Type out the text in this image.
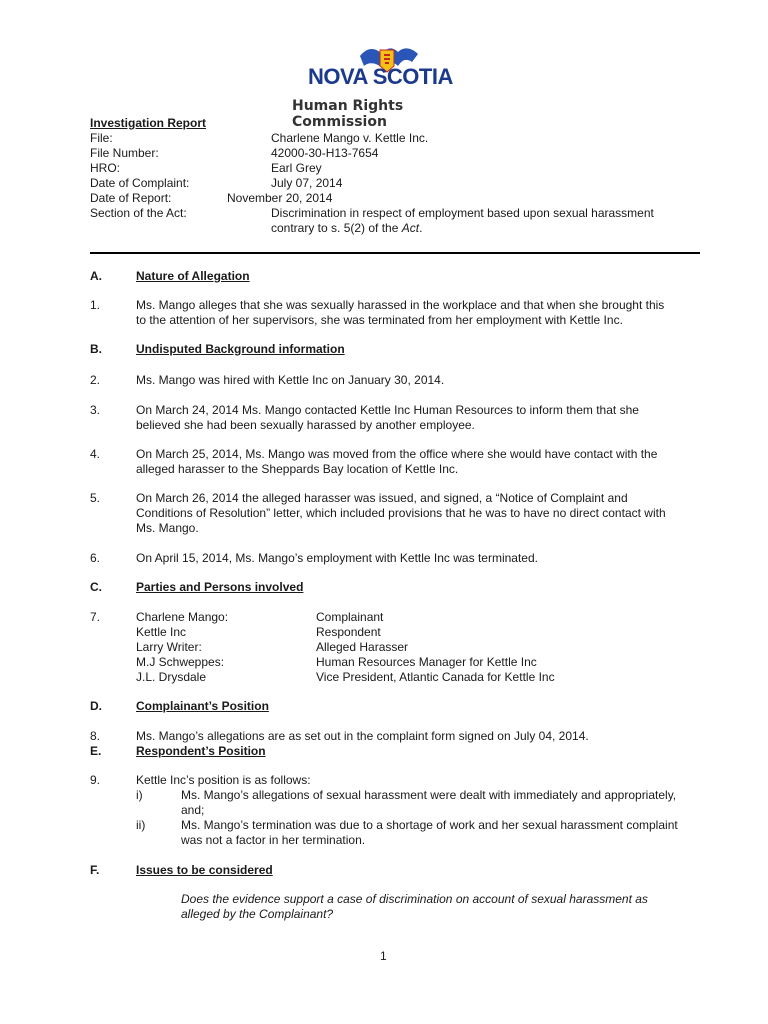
NOVA SCOTIA
Human Rights Commission
Investigation Report
File:	Charlene Mango v. Kettle Inc.
File Number:	42000-30-H13-7654
HRO:	Earl Grey
Date of Complaint:	July 07, 2014
Date of Report:	November 20, 2014
Section of the Act:	Discrimination in respect of employment based upon sexual harassment
contrary to s. 5(2) of the Act.
A.	Nature of Allegation
1.	Ms. Mango alleges that she was sexually harassed in the workplace and that when she brought this
to the attention of her supervisors, she was terminated from her employment with Kettle Inc.
B.	Undisputed Background information
2.	Ms. Mango was hired with Kettle Inc on January 30, 2014.
3.	On March 24, 2014 Ms. Mango contacted Kettle Inc Human Resources to inform them that she
believed she had been sexually harassed by another employee.
4.	On March 25, 2014, Ms. Mango was moved from the office where she would have contact with the
alleged harasser to the Sheppards Bay location of Kettle Inc.
5.	On March 26, 2014 the alleged harasser was issued, and signed, a “Notice of Complaint and
Conditions of Resolution” letter, which included provisions that he was to have no direct contact with
Ms. Mango.
6.	On April 15, 2014, Ms. Mango’s employment with Kettle Inc was terminated.
C.	Parties and Persons involved
7.	Charlene Mango:	Complainant
Kettle Inc	Respondent
Larry Writer:	Alleged Harasser
M.J Schweppes:	Human Resources Manager for Kettle Inc
J.L. Drysdale	Vice President, Atlantic Canada for Kettle Inc
D.	Complainant’s Position
8.	Ms. Mango’s allegations are as set out in the complaint form signed on July 04, 2014.
E.	Respondent’s Position
9.	Kettle Inc’s position is as follows:
i)	Ms. Mango’s allegations of sexual harassment were dealt with immediately and appropriately,
and;
ii)	Ms. Mango’s termination was due to a shortage of work and her sexual harassment complaint
was not a factor in her termination.
F.	Issues to be considered
Does the evidence support a case of discrimination on account of sexual harassment as
alleged by the Complainant?
1
